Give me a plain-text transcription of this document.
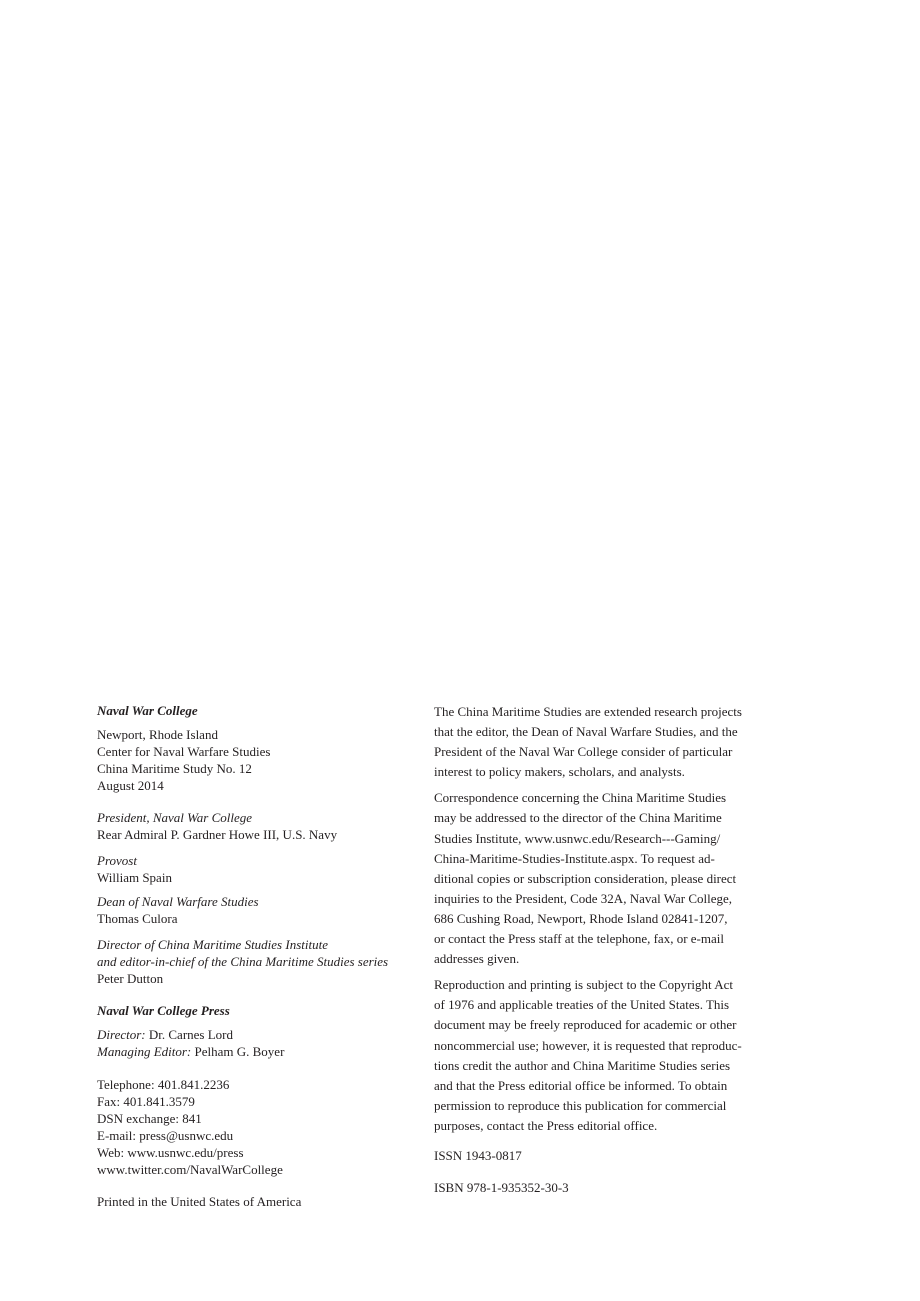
Naval War College
Newport, Rhode Island
Center for Naval Warfare Studies
China Maritime Study No. 12
August 2014
President, Naval War College
Rear Admiral P. Gardner Howe III, U.S. Navy
Provost
William Spain
Dean of Naval Warfare Studies
Thomas Culora
Director of China Maritime Studies Institute
and editor-in-chief of the China Maritime Studies series
Peter Dutton
Naval War College Press
Director: Dr. Carnes Lord
Managing Editor: Pelham G. Boyer
Telephone: 401.841.2236
Fax: 401.841.3579
DSN exchange: 841
E-mail: press@usnwc.edu
Web: www.usnwc.edu/press
www.twitter.com/NavalWarCollege
Printed in the United States of America
The China Maritime Studies are extended research projects
that the editor, the Dean of Naval Warfare Studies, and the
President of the Naval War College consider of particular
interest to policy makers, scholars, and analysts.
Correspondence concerning the China Maritime Studies
may be addressed to the director of the China Maritime
Studies Institute, www.usnwc.edu/Research---Gaming/
China-Maritime-Studies-Institute.aspx. To request ad-
ditional copies or subscription consideration, please direct
inquiries to the President, Code 32A, Naval War College,
686 Cushing Road, Newport, Rhode Island 02841-1207,
or contact the Press staff at the telephone, fax, or e-mail
addresses given.
Reproduction and printing is subject to the Copyright Act
of 1976 and applicable treaties of the United States. This
document may be freely reproduced for academic or other
noncommercial use; however, it is requested that reproduc-
tions credit the author and China Maritime Studies series
and that the Press editorial office be informed. To obtain
permission to reproduce this publication for commercial
purposes, contact the Press editorial office.
ISSN 1943-0817
ISBN 978-1-935352-30-3
